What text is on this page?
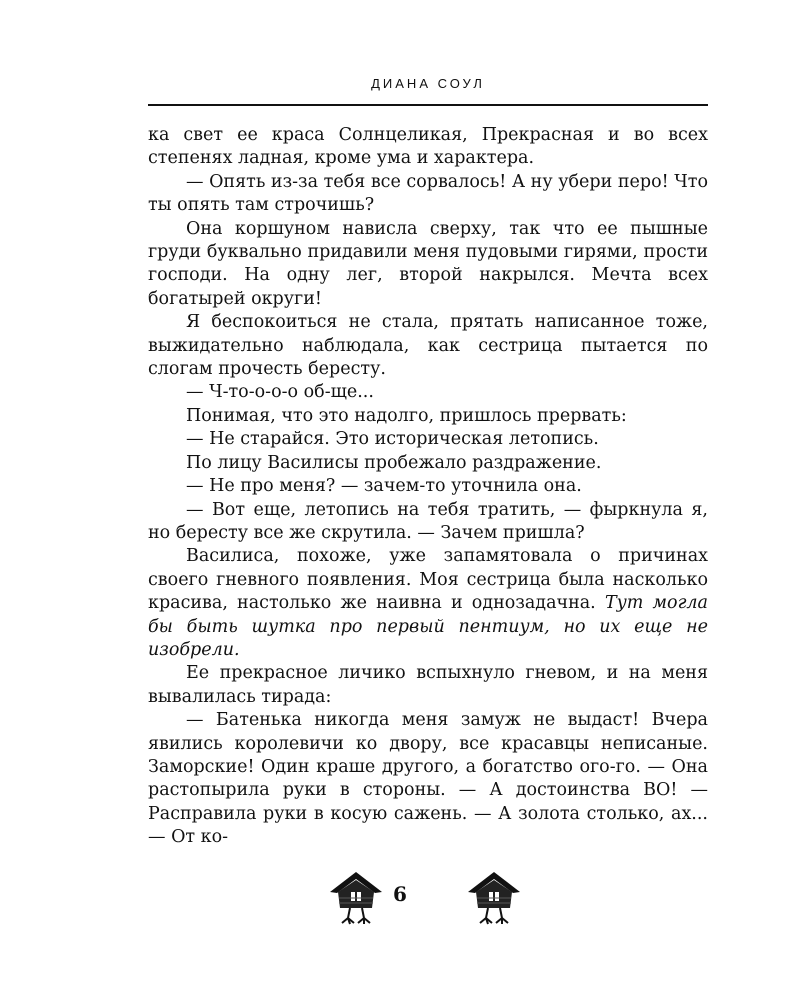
ДИАНА СОУЛ

ка свет ее краса Солнцеликая, Прекрасная и во всех степенях ладная, кроме ума и характера.

— Опять из-за тебя все сорвалось! А ну убери перо! Что ты опять там строчишь?

Она коршуном нависла сверху, так что ее пышные груди буквально придавили меня пудовыми гирями, прости господи. На одну лег, второй накрылся. Мечта всех богатырей округи!

Я беспокоиться не стала, прятать написанное тоже, выжидательно наблюдала, как сестрица пытается по слогам прочесть бересту.

— Ч-то-о-о-о об-ще...

Понимая, что это надолго, пришлось прервать:

— Не старайся. Это историческая летопись.

По лицу Василисы пробежало раздражение.

— Не про меня? — зачем-то уточнила она.

— Вот еще, летопись на тебя тратить, — фыркнула я, но бересту все же скрутила. — Зачем пришла?

Василиса, похоже, уже запамятовала о причинах своего гневного появления. Моя сестрица была насколько красива, настолько же наивна и однозадачна. Тут могла бы быть шутка про первый пентиум, но их еще не изобрели.

Ее прекрасное личико вспыхнуло гневом, и на меня вывалилась тирада:

— Батенька никогда меня замуж не выдаст! Вчера явились королевичи ко двору, все красавцы неписаные. Заморские! Один краше другого, а богатство ого-го. — Она растопырила руки в стороны. — А достоинства ВО! — Расправила руки в косую сажень. — А золота столько, ах... — От ко-

6
